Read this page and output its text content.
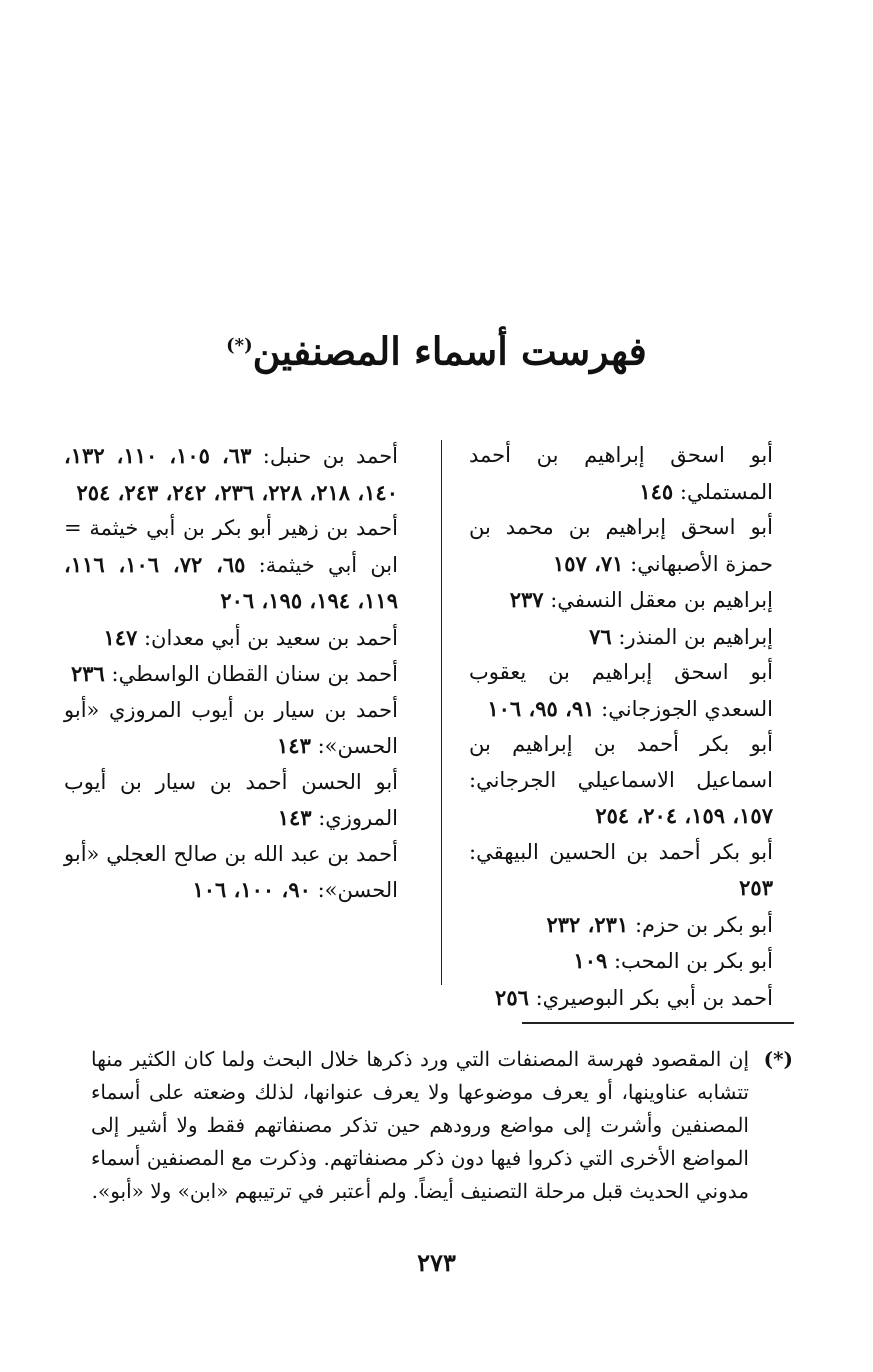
فهرست أسماء المصنفين(*)

أبو اسحق إبراهيم بن أحمد المستملي: ١٤٥

أبو اسحق إبراهيم بن محمد بن حمزة الأصبهاني: ٧١، ١٥٧

إبراهيم بن معقل النسفي: ٢٣٧

إبراهيم بن المنذر: ٧٦

أبو اسحق إبراهيم بن يعقوب السعدي الجوزجاني: ٩١، ٩٥، ١٠٦

أبو بكر أحمد بن إبراهيم بن اسماعيل الاسماعيلي الجرجاني: ١٥٧، ١٥٩، ٢٠٤، ٢٥٤

أبو بكر أحمد بن الحسين البيهقي: ٢٥٣

أبو بكر بن حزم: ٢٣١، ٢٣٢

أبو بكر بن المحب: ١٠٩

أحمد بن أبي بكر البوصيري: ٢٥٦

أحمد بن حنبل: ٦٣، ١٠٥، ١١٠، ١٣٢، ١٤٠، ٢١٨، ٢٢٨، ٢٣٦، ٢٤٢، ٢٤٣، ٢٥٤

أحمد بن زهير أبو بكر بن أبي خيثمة = ابن أبي خيثمة: ٦٥، ٧٢، ١٠٦، ١١٦، ١١٩، ١٩٤، ١٩٥، ٢٠٦

أحمد بن سعيد بن أبي معدان: ١٤٧

أحمد بن سنان القطان الواسطي: ٢٣٦

أحمد بن سيار بن أيوب المروزي «أبو الحسن»: ١٤٣

أبو الحسن أحمد بن سيار بن أيوب المروزي: ١٤٣

أحمد بن عبد الله بن صالح العجلي «أبو الحسن»: ٩٠، ١٠٠، ١٠٦

(*)
إن المقصود فهرسة المصنفات التي ورد ذكرها خلال البحث ولما كان الكثير منها تتشابه عناوينها، أو يعرف موضوعها ولا يعرف عنوانها، لذلك وضعته على أسماء المصنفين وأشرت إلى مواضع ورودهم حين تذكر مصنفاتهم فقط ولا أشير إلى المواضع الأخرى التي ذكروا فيها دون ذكر مصنفاتهم. وذكرت مع المصنفين أسماء مدوني الحديث قبل مرحلة التصنيف أيضاً. ولم أعتبر في ترتيبهم «ابن» ولا «أبو».
٢٧٣
